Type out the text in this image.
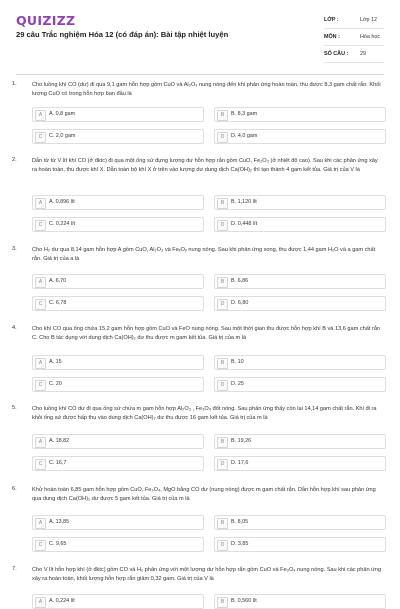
QUIZIZZ
29 câu Trắc nghiệm Hóa 12 (có đáp án): Bài tập nhiệt luyện
LỚP :	Lớp 12
MÔN :	Hóa học
SỐ CÂU :	29
1.	Cho luồng khí CO (dư) đi qua 9,1 gam hỗn hợp gồm CuO và Al₂O₃ nung nóng đến khi phản ứng hoàn toàn, thu được 8,3 gam chất rắn. Khối lượng CuO có trong hỗn hợp ban đầu là
A	A. 0,8 gam	B	B. 8,3 gam
C	C. 2,0 gam	D	D. 4,0 gam
2.	Dẫn từ từ V lít khí CO (ở đktc) đi qua một ống sứ đựng lượng dư hỗn hợp rắn gồm CuO, Fe₂O₃ (ở nhiệt độ cao). Sau khi các phản ứng xảy ra hoàn toàn, thu được khí X. Dẫn toàn bộ khí X ở trên vào lượng dư dung dịch Ca(OH)₂ thì tạo thành 4 gam kết tủa. Giá trị của V là
A	A. 0,896 lít	B	B. 1,120 lít
C	C. 0,224 lít	D	D. 0,448 lít
3.	Cho H₂ dư qua 8,14 gam hỗn hợp A gồm CuO, Al₂O₃ và FeₓOᵧ nung nóng. Sau khi phản ứng xong, thu được 1,44 gam H₂O và a gam chất rắn. Giá trị của a là
A	A. 6,70	B	B. 6,86
C	C. 6,78	D	D. 6,80
4.	Cho khí CO qua ống chứa 15,2 gam hỗn hợp gồm CuO và FeO nung nóng. Sau một thời gian thu được hỗn hợp khí B và 13,6 gam chất rắn C. Cho B tác dụng với dung dịch Ca(OH)₂ dư thu được m gam kết tủa. Giá trị của m là
A	A. 15	B	B. 10
C	C. 20	D	D. 25
5.	Cho luồng khí CO dư đi qua ống sứ chứa m gam hỗn hợp Al₂O₃ , Fe₃O₄ đốt nóng. Sau phản ứng thấy còn lại 14,14 gam chất rắn. Khí đi ra khỏi ống sứ được hấp thụ vào dung dịch Ca(OH)₂ dư thu được 16 gam kết tủa. Giá trị của m là
A	A. 18,82	B	B. 19,26
C	C. 16,7	D	D. 17,6
6.	Khử hoàn toàn 6,85 gam hỗn hợp gồm CuO, Fe₃O₄, MgO bằng CO dư (nung nóng) được m gam chất rắn. Dẫn hỗn hợp khí sau phản ứng qua dung dịch Ca(OH)₂ dư được 5 gam kết tủa. Giá trị của m là
A	A. 13,85	B	B. 8,05
C	C. 9,65	D	D. 3,85
7.	Cho V lít hỗn hợp khí (ở đktc) gồm CO và H₂ phản ứng với một lượng dư hỗn hợp rắn gồm CuO và Fe₃O₄ nung nóng. Sau khi các phản ứng xảy ra hoàn toàn, khối lượng hỗn hợp rắn giảm 0,32 gam. Giá trị của V là
A	A. 0,224 lít	B	B. 0,560 lít
